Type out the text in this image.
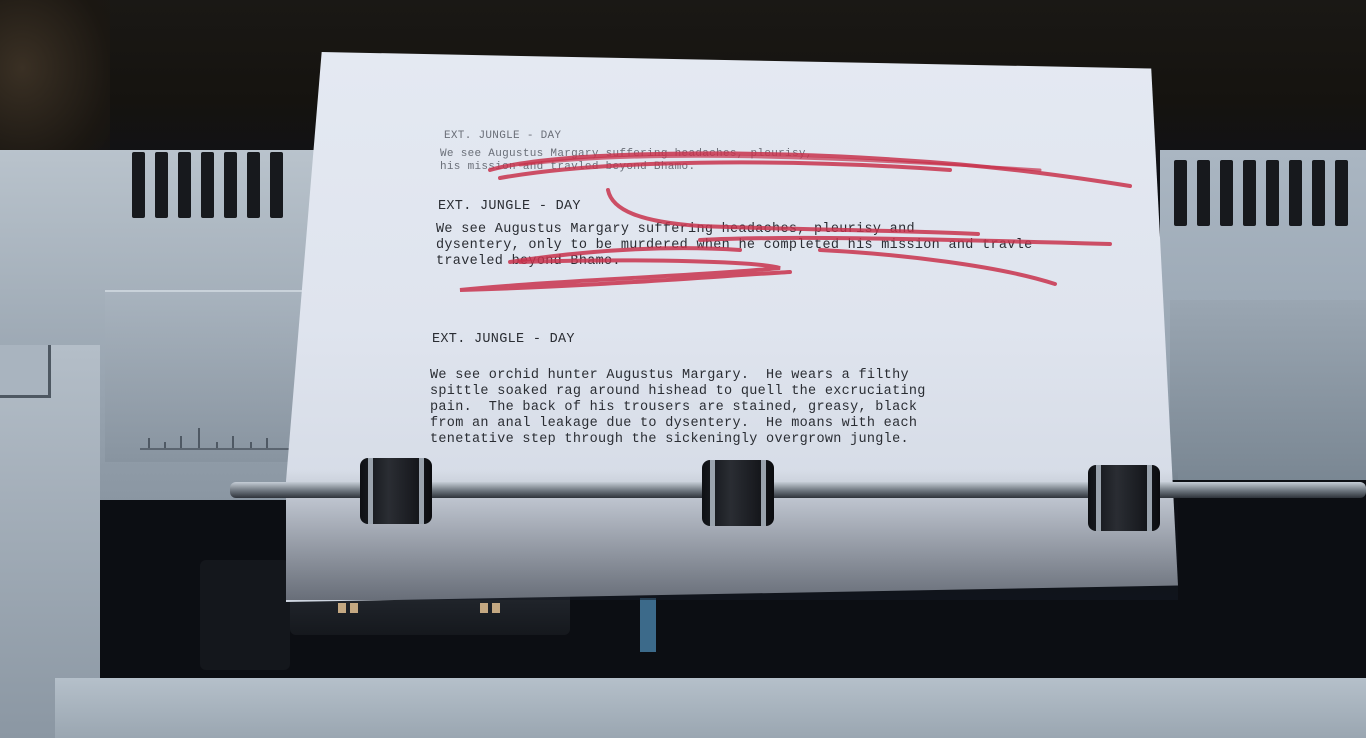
EXT. JUNGLE - DAY
We see Augustus Margary suffering headaches, pleurisy,
his mission and travled beyond Bhamo.
EXT. JUNGLE - DAY
We see Augustus Margary suffering headaches, pleurisy and
dysentery, only to be murdered when he completed his mission and travle
traveled beyond Bhamo.
EXT. JUNGLE - DAY
We see orchid hunter Augustus Margary.  He wears a filthy
spittle soaked rag around hishead to quell the excruciating
pain.  The back of his trousers are stained, greasy, black
from an anal leakage due to dysentery.  He moans with each
tenetative step through the sickeningly overgrown jungle.
